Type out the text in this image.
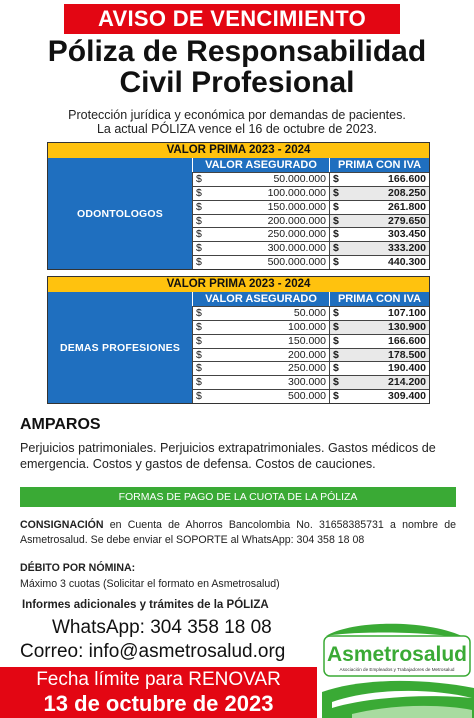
AVISO DE VENCIMIENTO
Póliza de Responsabilidad
Civil Profesional
Protección jurídica y económica por demandas de pacientes.
La actual PÓLIZA vence el 16 de octubre de 2023.
VALOR PRIMA 2023 - 2024
ODONTOLOGOS
VALOR ASEGURADO	PRIMA CON IVA
$	50.000.000 $	166.600
$	100.000.000 $	208.250
$	150.000.000 $	261.800
$	200.000.000 $	279.650
$	250.000.000 $	303.450
$	300.000.000 $	333.200
$	500.000.000 $	440.300
VALOR PRIMA 2023 - 2024
DEMAS PROFESIONES
VALOR ASEGURADO	PRIMA CON IVA
$	50.000 $	107.100
$	100.000 $	130.900
$	150.000 $	166.600
$	200.000 $	178.500
$	250.000 $	190.400
$	300.000 $	214.200
$	500.000 $	309.400
AMPAROS
Perjuicios patrimoniales. Perjuicios extrapatrimoniales. Gastos médicos de emergencia. Costos y gastos de defensa. Costos de cauciones.
FORMAS DE PAGO DE LA CUOTA DE LA PÓLIZA
CONSIGNACIÓN en Cuenta de Ahorros Bancolombia No. 31658385731 a nombre de Asmetrosalud. Se debe enviar el SOPORTE al WhatsApp: 304 358 18 08
DÉBITO POR NÓMINA:
Máximo 3 cuotas (Solicitar el formato en Asmetrosalud)
Informes adicionales y trámites de la PÓLIZA
WhatsApp: 304 358 18 08
Correo: info@asmetrosalud.org
Fecha límite para RENOVAR
13 de octubre de 2023
Asmetrosalud
Asociación de Empleados y Trabajadores de Metrosalud
